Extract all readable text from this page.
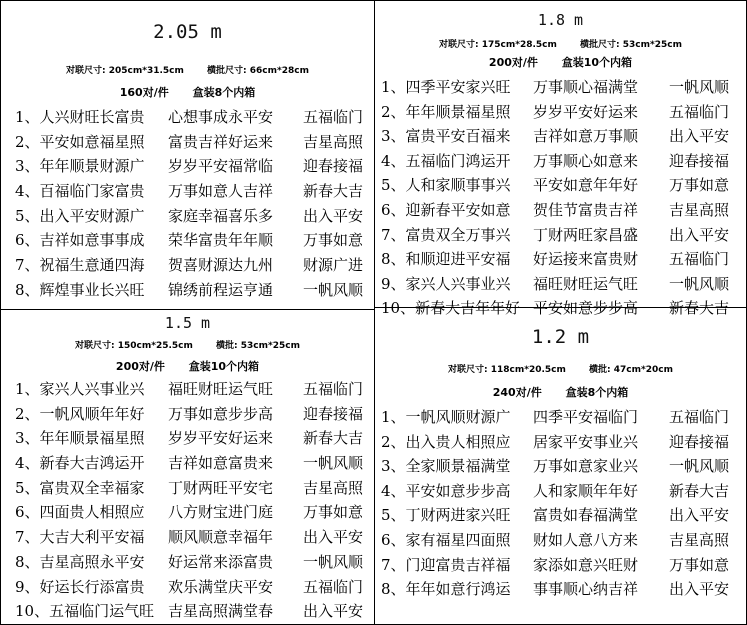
2.05 m
对联尺寸: 205cm*31.5cm	横批尺寸: 66cm*28cm
160对/件 盒装8个内箱
1、人兴财旺长富贵 心想事成永平安 五福临门
2、平安如意福星照 富贵吉祥好运来 吉星高照
3、年年顺景财源广 岁岁平安福常临 迎春接福
4、百福临门家富贵 万事如意人吉祥 新春大吉
5、出入平安财源广 家庭幸福喜乐多 出入平安
6、吉祥如意事事成 荣华富贵年年顺 万事如意
7、祝福生意通四海 贺喜财源达九州 财源广进
8、辉煌事业长兴旺 锦绣前程运亨通 一帆风顺
1.8 m
对联尺寸: 175cm*28.5cm	横批尺寸: 53cm*25cm
200对/件 盒装10个内箱
1、四季平安家兴旺 万事顺心福满堂 一帆风顺
2、年年顺景福星照 岁岁平安好运来 五福临门
3、富贵平安百福来 吉祥如意万事顺 出入平安
4、五福临门鸿运开 万事顺心如意来 迎春接福
5、人和家顺事事兴 平安如意年年好 万事如意
6、迎新春平安如意 贺佳节富贵吉祥 吉星高照
7、富贵双全万事兴 丁财两旺家昌盛 出入平安
8、和顺迎进平安福 好运接来富贵财 五福临门
9、家兴人兴事业兴 福旺财旺运气旺 一帆风顺
10、新春大吉年年好 平安如意步步高 新春大吉
1.5 m
对联尺寸: 150cm*25.5cm	横批: 53cm*25cm
200对/件 盒装10个内箱
1、家兴人兴事业兴 福旺财旺运气旺 五福临门
2、一帆风顺年年好 万事如意步步高 迎春接福
3、年年顺景福星照 岁岁平安好运来 新春大吉
4、新春大吉鸿运开 吉祥如意富贵来 一帆风顺
5、富贵双全幸福家 丁财两旺平安宅 吉星高照
6、四面贵人相照应 八方财宝进门庭 万事如意
7、大吉大利平安福 顺风顺意幸福年 出入平安
8、吉星高照永平安 好运常来添富贵 一帆风顺
9、好运长行添富贵 欢乐满堂庆平安 五福临门
10、五福临门运气旺 吉星高照满堂春 出入平安
1.2 m
对联尺寸: 118cm*20.5cm	横批: 47cm*20cm
240对/件 盒装8个内箱
1、一帆风顺财源广 四季平安福临门 五福临门
2、出入贵人相照应 居家平安事业兴 迎春接福
3、全家顺景福满堂 万事如意家业兴 一帆风顺
4、平安如意步步高 人和家顺年年好 新春大吉
5、丁财两进家兴旺 富贵如春福满堂 出入平安
6、家有福星四面照 财如人意八方来 吉星高照
7、门迎富贵吉祥福 家添如意兴旺财 万事如意
8、年年如意行鸿运 事事顺心纳吉祥 出入平安
